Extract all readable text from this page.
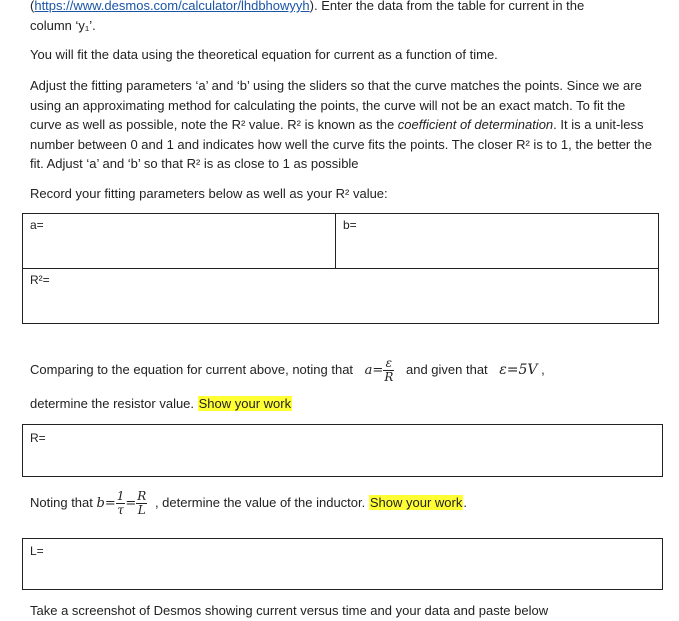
(https://www.desmos.com/calculator/lhdbhowyyh). Enter the data from the table for current in the
column ‘y₁’.

You will fit the data using the theoretical equation for current as a function of time.

Adjust the fitting parameters ‘a’ and ‘b’ using the sliders so that the curve matches the points. Since we are using an approximating method for calculating the points, the curve will not be an exact match. To fit the curve as well as possible, note the R² value. R² is known as the coefficient of determination. It is a unit-less number between 0 and 1 and indicates how well the curve fits the points. The closer R² is to 1, the better the fit. Adjust ‘a’ and ‘b’ so that R² is as close to 1 as possible

Record your fitting parameters below as well as your R² value:

a=	b=
R²=
Comparing to the equation for current above, noting that $a= \frac{\varepsilon}{R}$ and given that ε=5V ,

determine the resistor value. Show your work

R=
Noting that $b= \frac{1}{\tau} = \frac{R}{L}$ , determine the value of the inductor. Show your work.
L=

Take a screenshot of Desmos showing current versus time and your data and paste below
